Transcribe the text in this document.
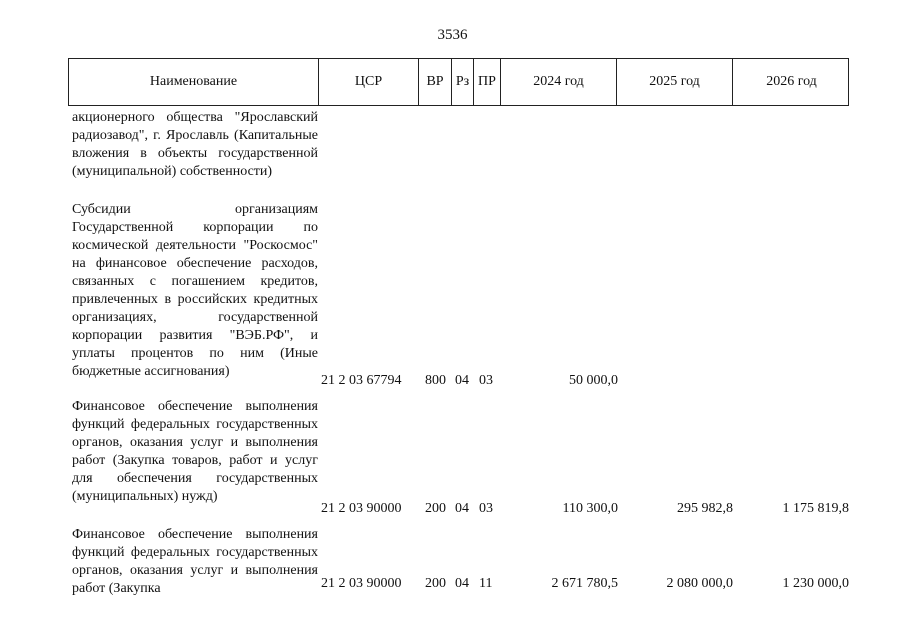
3536
Наименование	ЦСР	ВР Рз ПР	2024 год	2025 год	2026 год
акционерного общества "Ярославский радиозавод", г. Ярославль (Капитальные вложения в объекты государственной (муниципальной) собственности)
Субсидии организациям Государственной корпорации по космической деятельности "Роскосмос" на финансовое обеспечение расходов, связанных с погашением кредитов, привлеченных в российских кредитных организациях, государственной корпорации развития "ВЭБ.РФ", и уплаты процентов по ним (Иные бюджетные ассигнования)
21 2 03 67794 800 04 03	50 000,0
Финансовое обеспечение выполнения функций федеральных государственных органов, оказания услуг и выполнения работ (Закупка товаров, работ и услуг для обеспечения государственных (муниципальных) нужд)
21 2 03 90000 200 04 03	110 300,0	295 982,8	1 175 819,8
Финансовое обеспечение выполнения функций федеральных государственных органов, оказания услуг и выполнения работ (Закупка	21 2 03 90000 200 04 11	2 671 780,5	2 080 000,0	1 230 000,0
